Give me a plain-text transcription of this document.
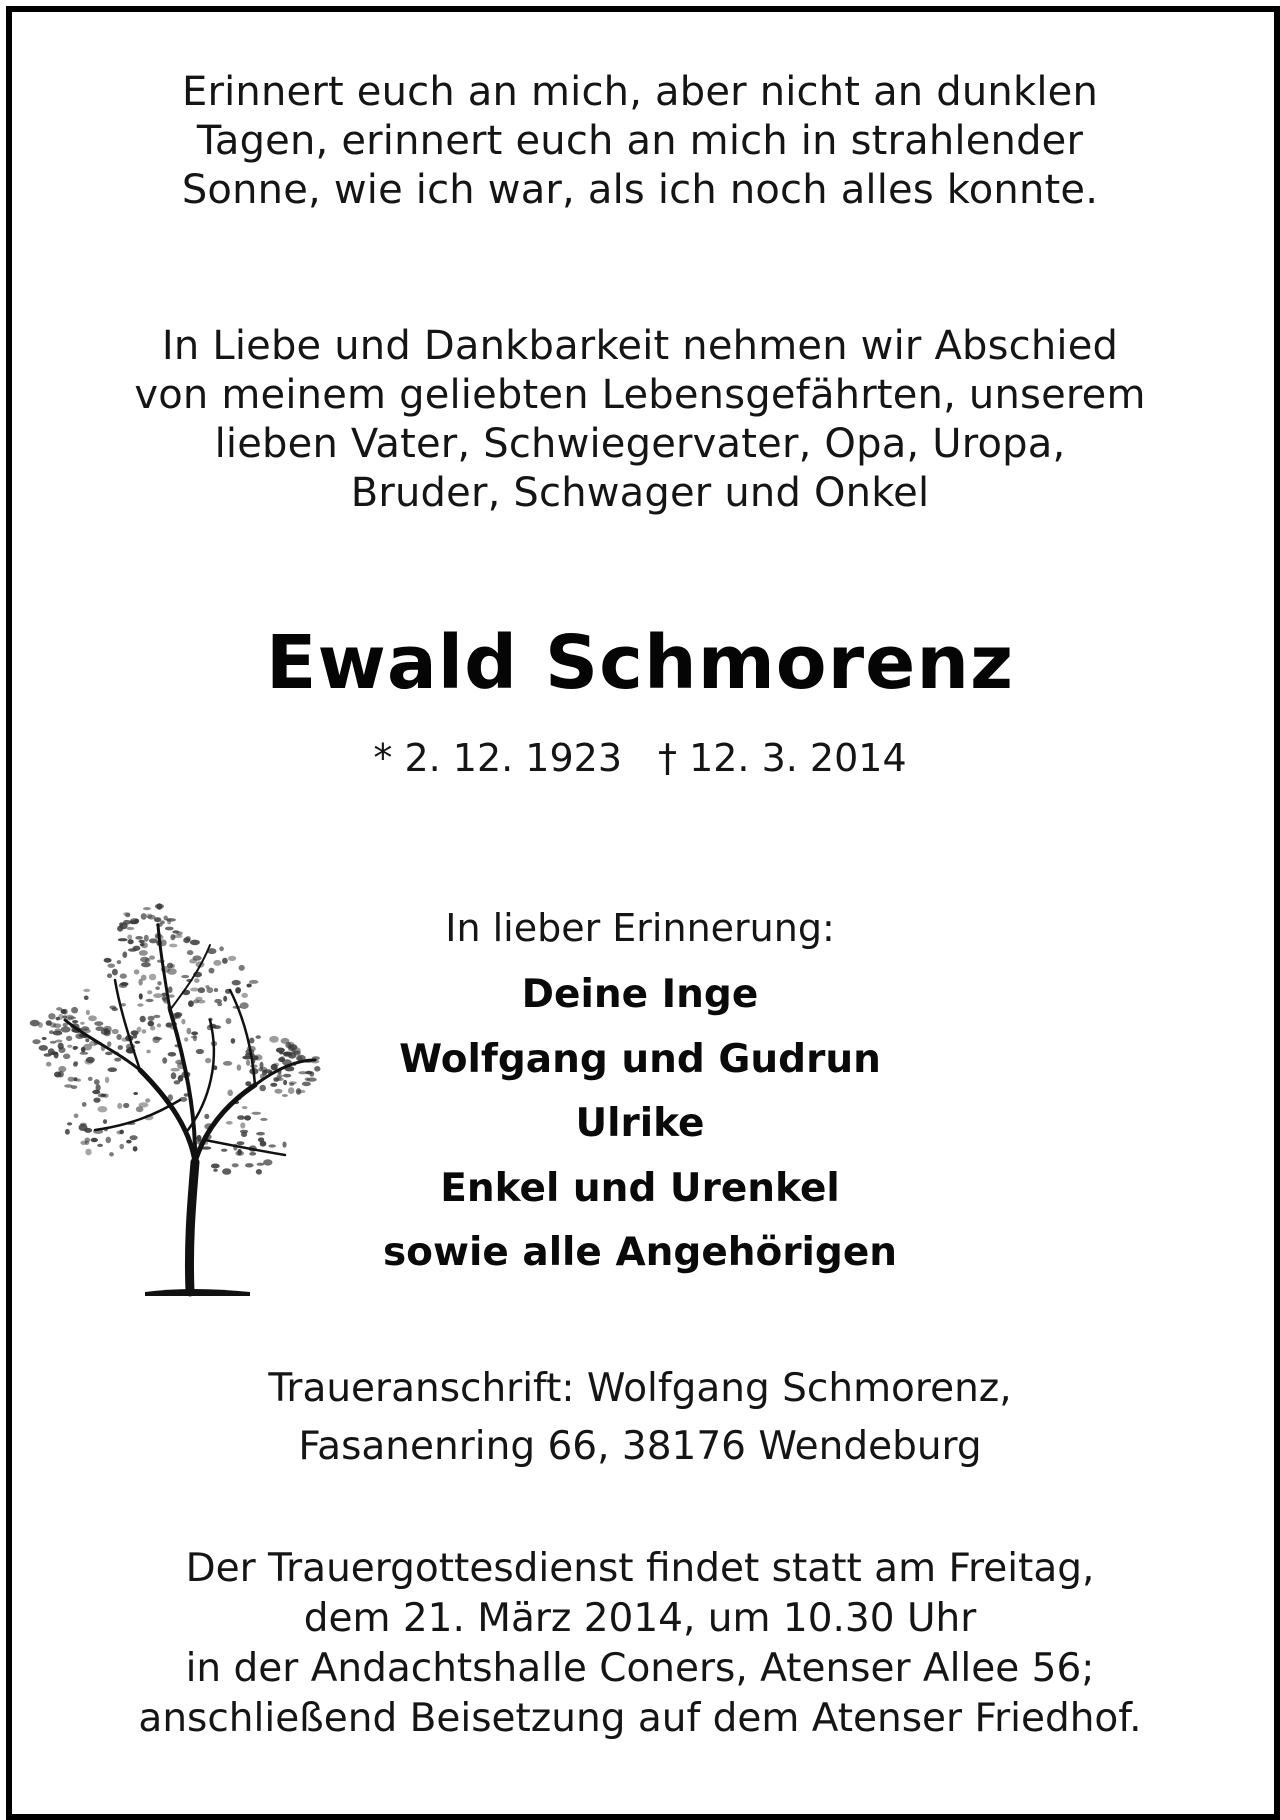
Erinnert euch an mich, aber nicht an dunklen
Tagen, erinnert euch an mich in strahlender
Sonne, wie ich war, als ich noch alles konnte.
In Liebe und Dankbarkeit nehmen wir Abschied
von meinem geliebten Lebensgefährten, unserem
lieben Vater, Schwiegervater, Opa, Uropa,
Bruder, Schwager und Onkel
Ewald Schmorenz
* 2. 12. 1923 † 12. 3. 2014
In lieber Erinnerung:
Deine Inge
Wolfgang und Gudrun
Ulrike
Enkel und Urenkel
sowie alle Angehörigen
Traueranschrift: Wolfgang Schmorenz,
Fasanenring 66, 38176 Wendeburg
Der Trauergottesdienst findet statt am Freitag,
dem 21. März 2014, um 10.30 Uhr
in der Andachtshalle Coners, Atenser Allee 56;
anschließend Beisetzung auf dem Atenser Friedhof.
